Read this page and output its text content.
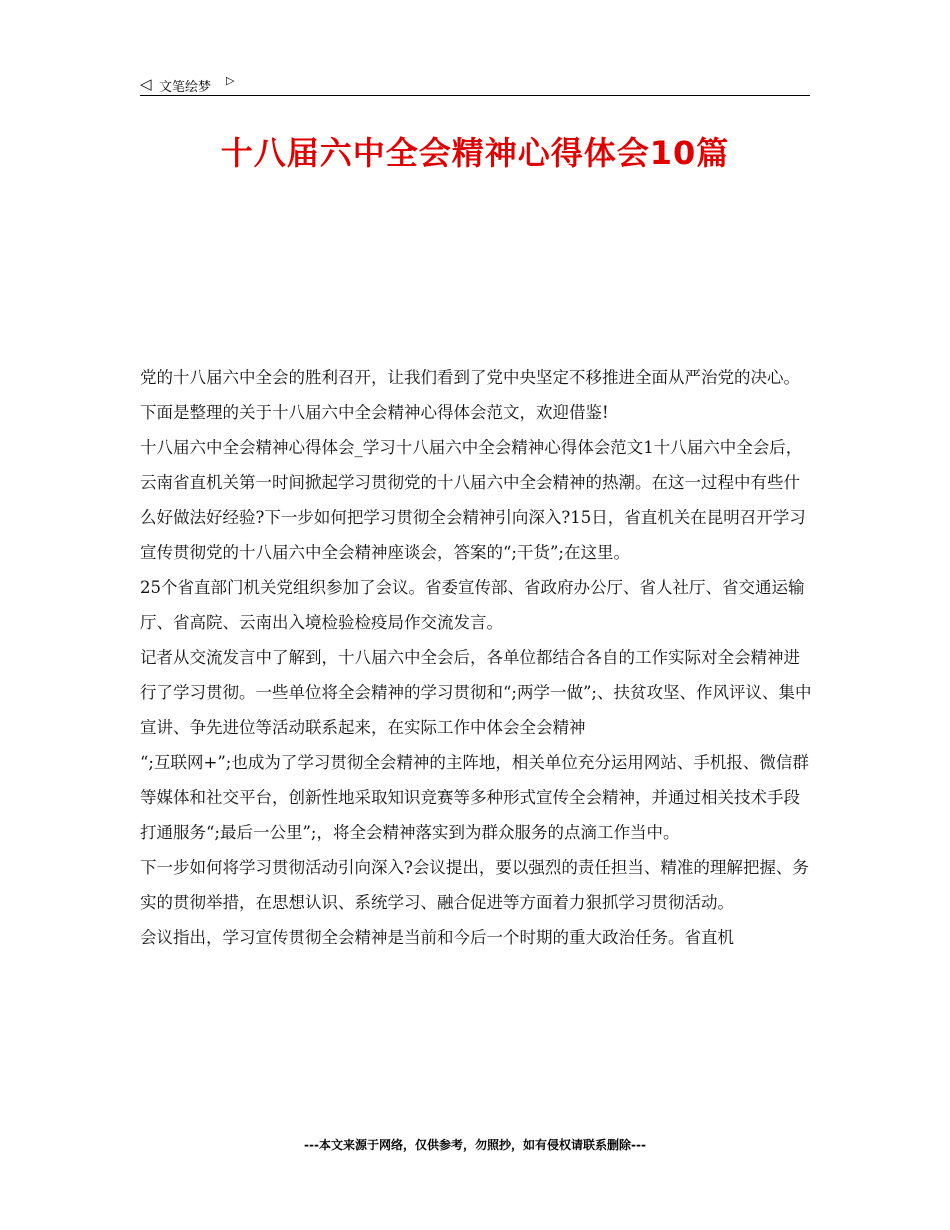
◁ 文笔绘梦 ▷
十八届六中全会精神心得体会10篇

党的十八届六中全会的胜利召开，让我们看到了党中央坚定不移推进全面从严治党的决心。下面是整理的关于十八届六中全会精神心得体会范文，欢迎借鉴!

十八届六中全会精神心得体会_学习十八届六中全会精神心得体会范文1十八届六中全会后，云南省直机关第一时间掀起学习贯彻党的十八届六中全会精神的热潮。在这一过程中有些什么好做法好经验?下一步如何把学习贯彻全会精神引向深入?15日，省直机关在昆明召开学习宣传贯彻党的十八届六中全会精神座谈会，答案的“;干货”;在这里。

25个省直部门机关党组织参加了会议。省委宣传部、省政府办公厅、省人社厅、省交通运输厅、省高院、云南出入境检验检疫局作交流发言。

记者从交流发言中了解到，十八届六中全会后，各单位都结合各自的工作实际对全会精神进行了学习贯彻。一些单位将全会精神的学习贯彻和“;两学一做”;、扶贫攻坚、作风评议、集中宣讲、争先进位等活动联系起来，在实际工作中体会全会精神

“;互联网+”;也成为了学习贯彻全会精神的主阵地，相关单位充分运用网站、手机报、微信群等媒体和社交平台，创新性地采取知识竞赛等多种形式宣传全会精神，并通过相关技术手段打通服务“;最后一公里”;，将全会精神落实到为群众服务的点滴工作当中。

下一步如何将学习贯彻活动引向深入?会议提出，要以强烈的责任担当、精准的理解把握、务实的贯彻举措，在思想认识、系统学习、融合促进等方面着力狠抓学习贯彻活动。

会议指出，学习宣传贯彻全会精神是当前和今后一个时期的重大政治任务。省直机

---本文来源于网络，仅供参考，勿照抄，如有侵权请联系删除---
